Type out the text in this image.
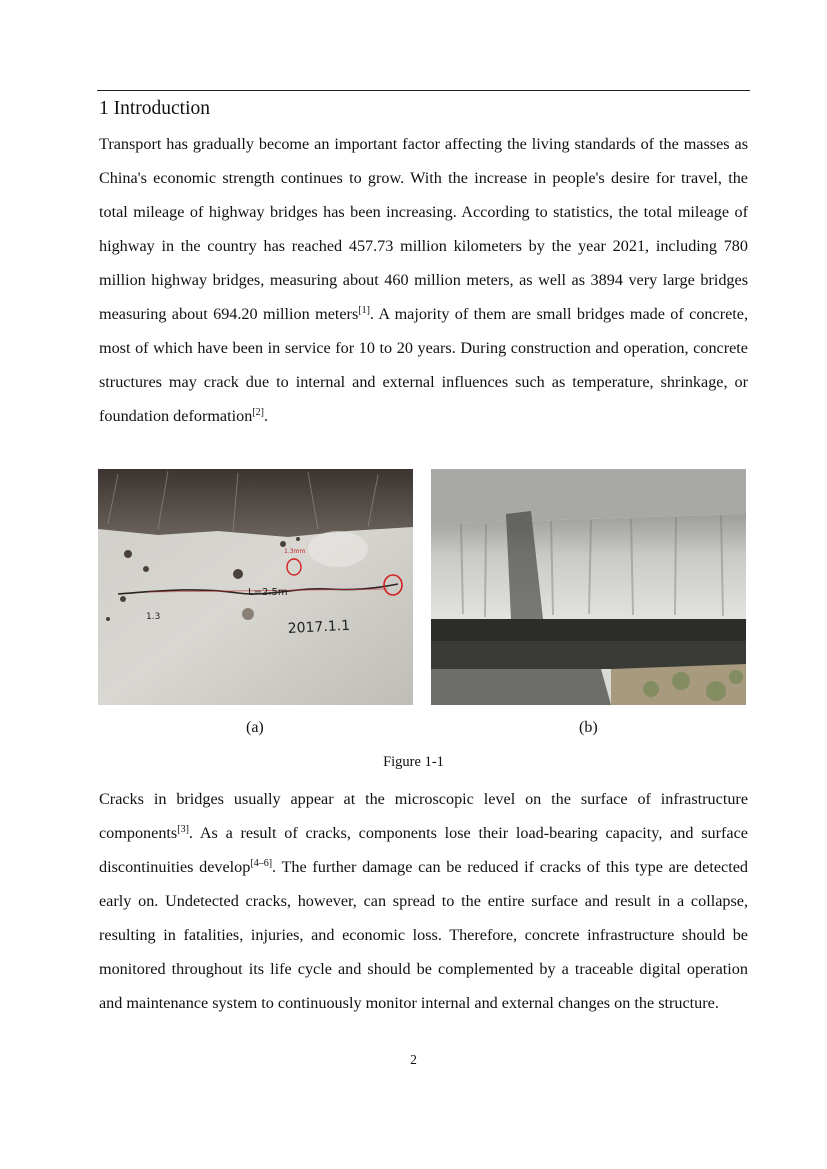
1 Introduction

Transport has gradually become an important factor affecting the living standards of the masses as China's economic strength continues to grow. With the increase in people's desire for travel, the total mileage of highway bridges has been increasing. According to statistics, the total mileage of highway in the country has reached 457.73 million kilometers by the year 2021, including 780 million highway bridges, measuring about 460 million meters, as well as 3894 very large bridges measuring about 694.20 million meters[1]. A majority of them are small bridges made of concrete, most of which have been in service for 10 to 20 years. During construction and operation, concrete structures may crack due to internal and external influences such as temperature, shrinkage, or foundation deformation[2].

L=2.5m
1.3
2017.1.1
1.3mm
(a)	(b)
Figure 1-1

Cracks in bridges usually appear at the microscopic level on the surface of infrastructure components[3]. As a result of cracks, components lose their load-bearing capacity, and surface discontinuities develop[4–6]. The further damage can be reduced if cracks of this type are detected early on. Undetected cracks, however, can spread to the entire surface and result in a collapse, resulting in fatalities, injuries, and economic loss. Therefore, concrete infrastructure should be monitored throughout its life cycle and should be complemented by a traceable digital operation and maintenance system to continuously monitor internal and external changes on the structure.

2
